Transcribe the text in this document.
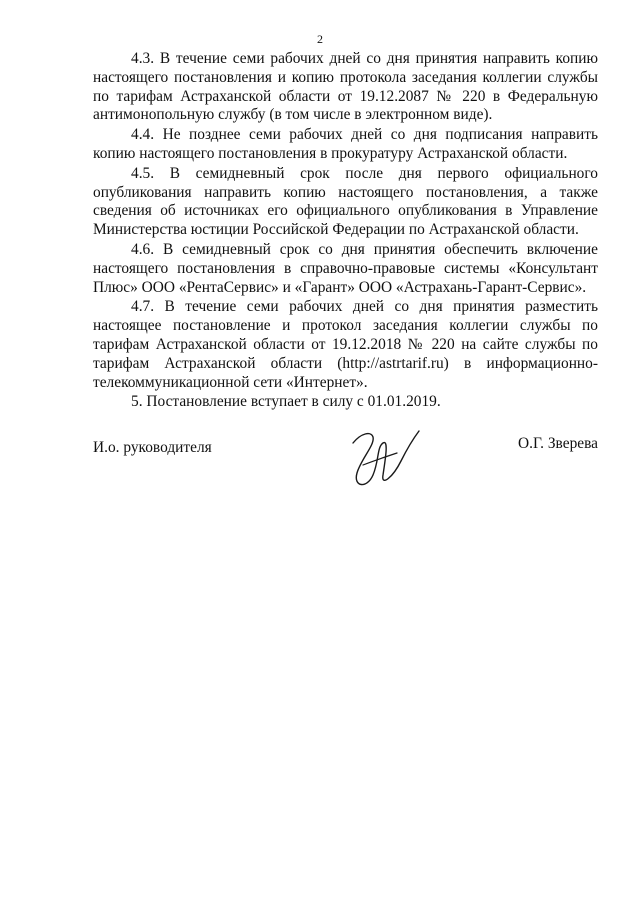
2

4.3. В течение семи рабочих дней со дня принятия направить копию настоящего постановления и копию протокола заседания коллегии службы по тарифам Астраханской области от 19.12.2087 № 220 в Федеральную антимонопольную службу (в том числе в электронном виде).

4.4. Не позднее семи рабочих дней со дня подписания направить копию настоящего постановления в прокуратуру Астраханской области.

4.5. В семидневный срок после дня первого официального опубликования направить копию настоящего постановления, а также сведения об источниках его официального опубликования в Управление Министерства юстиции Российской Федерации по Астраханской области.

4.6. В семидневный срок со дня принятия обеспечить включение настоящего постановления в справочно-правовые системы «Консультант Плюс» ООО «РентаСервис» и «Гарант» ООО «Астрахань-Гарант-Сервис».

4.7. В течение семи рабочих дней со дня принятия разместить настоящее постановление и протокол заседания коллегии службы по тарифам Астраханской области от 19.12.2018 № 220 на сайте службы по тарифам Астраханской области (http://astrtarif.ru) в информационно-телекоммуникационной сети «Интернет».

5. Постановление вступает в силу с 01.01.2019.

И.о. руководителя	О.Г. Зверева
